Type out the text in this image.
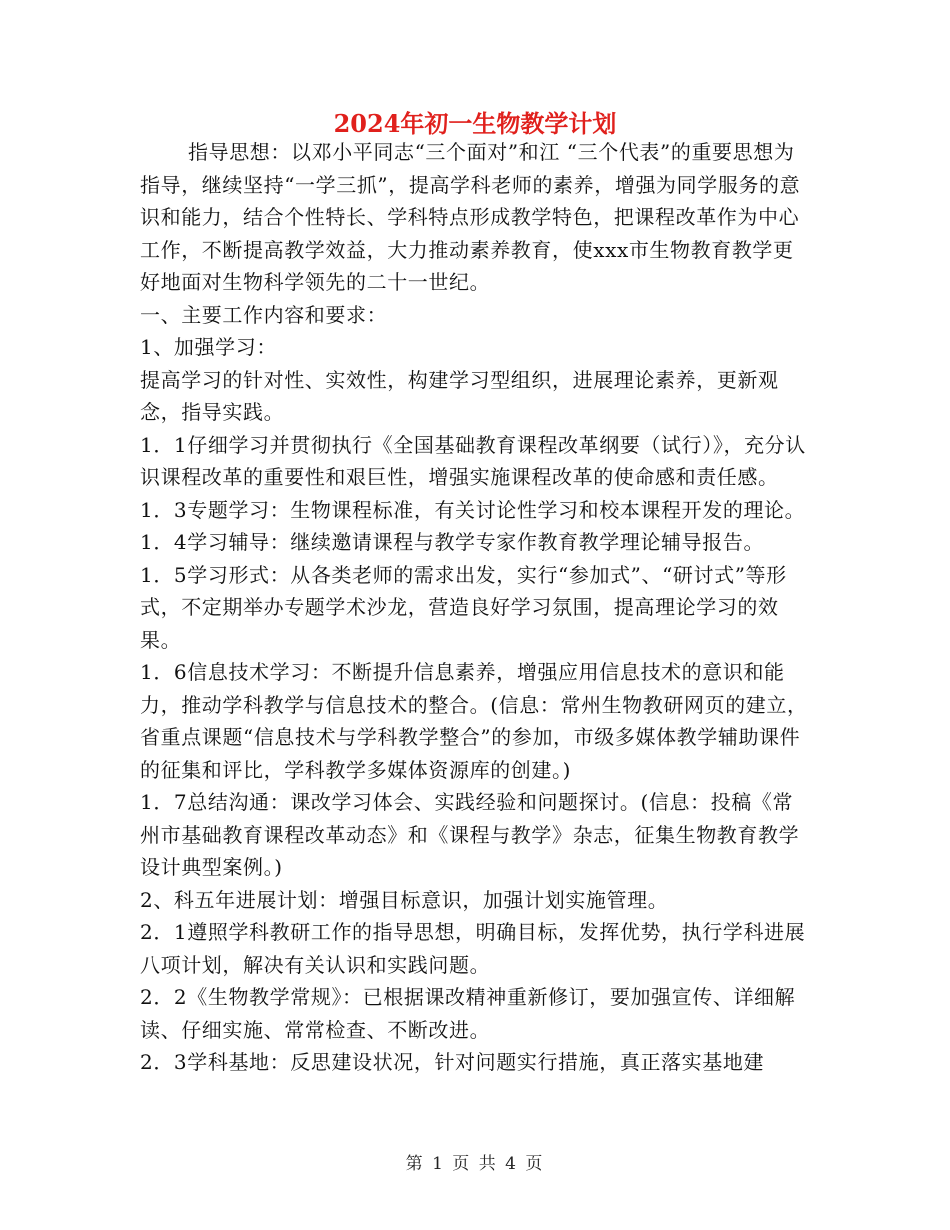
2024年初一生物教学计划

指导思想：以邓小平同志“三个面对”和江 “三个代表”的重要思想为指导，继续坚持“一学三抓”，提高学科老师的素养，增强为同学服务的意识和能力，结合个性特长、学科特点形成教学特色，把课程改革作为中心工作，不断提高教学效益，大力推动素养教育，使xxx市生物教育教学更好地面对生物科学领先的二十一世纪。

一、主要工作内容和要求：

1、加强学习：

提高学习的针对性、实效性，构建学习型组织，进展理论素养，更新观念，指导实践。

1．1仔细学习并贯彻执行《全国基础教育课程改革纲要（试行）》，充分认识课程改革的重要性和艰巨性，增强实施课程改革的使命感和责任感。 1．3专题学习：生物课程标准，有关讨论性学习和校本课程开发的理论。

1．4学习辅导：继续邀请课程与教学专家作教育教学理论辅导报告。

1．5学习形式：从各类老师的需求出发，实行“参加式”、“研讨式”等形式，不定期举办专题学术沙龙，营造良好学习氛围，提高理论学习的效果。

1．6信息技术学习：不断提升信息素养，增强应用信息技术的意识和能力，推动学科教学与信息技术的整合。(信息：常州生物教研网页的建立，省重点课题“信息技术与学科教学整合”的参加，市级多媒体教学辅助课件的征集和评比，学科教学多媒体资源库的创建。)

1．7总结沟通：课改学习体会、实践经验和问题探讨。(信息：投稿《常州市基础教育课程改革动态》和《课程与教学》杂志，征集生物教育教学设计典型案例。)

2、科五年进展计划：增强目标意识，加强计划实施管理。

2．1遵照学科教研工作的指导思想，明确目标，发挥优势，执行学科进展八项计划，解决有关认识和实践问题。

2．2《生物教学常规》：已根据课改精神重新修订，要加强宣传、详细解读、仔细实施、常常检查、不断改进。

2．3学科基地：反思建设状况，针对问题实行措施，真正落实基地建

第 1 页 共 4 页
